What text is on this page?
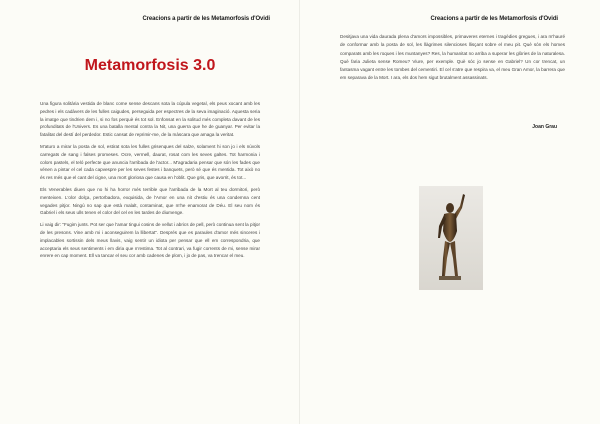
Creacions a partir de les Metamorfosis d'Ovidi
Metamorfosis 3.0

Una figura solitària vestida de blanc come sense descans sota la cúpula vegetal, els peus xocant amb les pedres i els cadàvers de les fulles caigudes, perseguida per espectres de la seva imaginació. Aquesta seria la imatge que tindrien dem i, si no fos perquè és tot sol. Enfonsat en la solitud més completa davant de les profunditats de l'Univers. Es una batalla mental contra la Nit, una guerra que he de guanyar. Per evitar la fatalitat del destí del perdedor. Estic cansat de reprimir-me, de la màscara que amaga la veritat.

M'aturo a mirar la posta de sol, estirat sota les fulles grisenques del salze, solament hi son jo i els núvols carregats de sang i falses promeses. Ocre, vermell, daurat, rosat com les seves galtes. Tot harmonia i colors pastels, el teló perfecte que anuncia l'arribada de l'actor... M'agradaria pensar que són les fades que vénen a pintar el cel cada capvespre per les seves festes i banquets, però sé que és mentida. Tot això no és res més que el cant del cigne, una mort gloriosa que causa en l'oblit. Que gris, que avorrit, és tot...

Els Venerables diuen que no hi ha horror més terrible que l'arribada de la Mort al teu dormitori, però menteixen. L'olor dolça, pertorbadora, exquisida, de l'Amor en una nit d'estiu és una condemna cent vegades pitjor. Ningú no sap que està malalt, contaminat, que m'he enamorat de Déu. El seu nom és Gabriel i els seus ulls tenen el color del cel en les tardes de diumenge.

Li vaig dir: "Fugim junts. Pot ser que l'amar tingui cosins de vellut i abrics de pell, però continua sent la pitjor de les presons. Vine amb mi i aconseguirem la llibertat". Després que es paraules d'amor més sinceres i implacables sortissin dels meus llavis, vaig sentir un idiota per pensar que ell em correspondria, que acceptaria els seus sentiments i em diria que m'estima. Tot al contrari, va fugir corrents de mi, sense mirar enrere en cap moment. Ell va tancar el seu cor amb cadenes de plom, i jo de pas, va trencar el meu.

Creacions a partir de les Metamorfosis d'Ovidi
Desitjava una vida daurada plena d'amors impossibles, primaveres eternes i tragèdies gregues, i ara m'hauré de conformar amb la posta de sol, les llàgrimes silencioses llisçant sobre el meu pit. Què són els homes comparats amb les roques i les muntanyes? Res, la humanitat no arriba a superar les glòries de la naturalesa. Què faria Julieta sense Romeu? Viure, per exemple. Què sóc jo sense en Gabriel? Un cor trencat, un fantasma vagant entre les tombes del cementiri. El cel s'atre que respira va, el meu Gran Amor, la barrera que em separava de la Mort. I ara, els dos hem sigut brutalment assassinats.
Joan Grau
